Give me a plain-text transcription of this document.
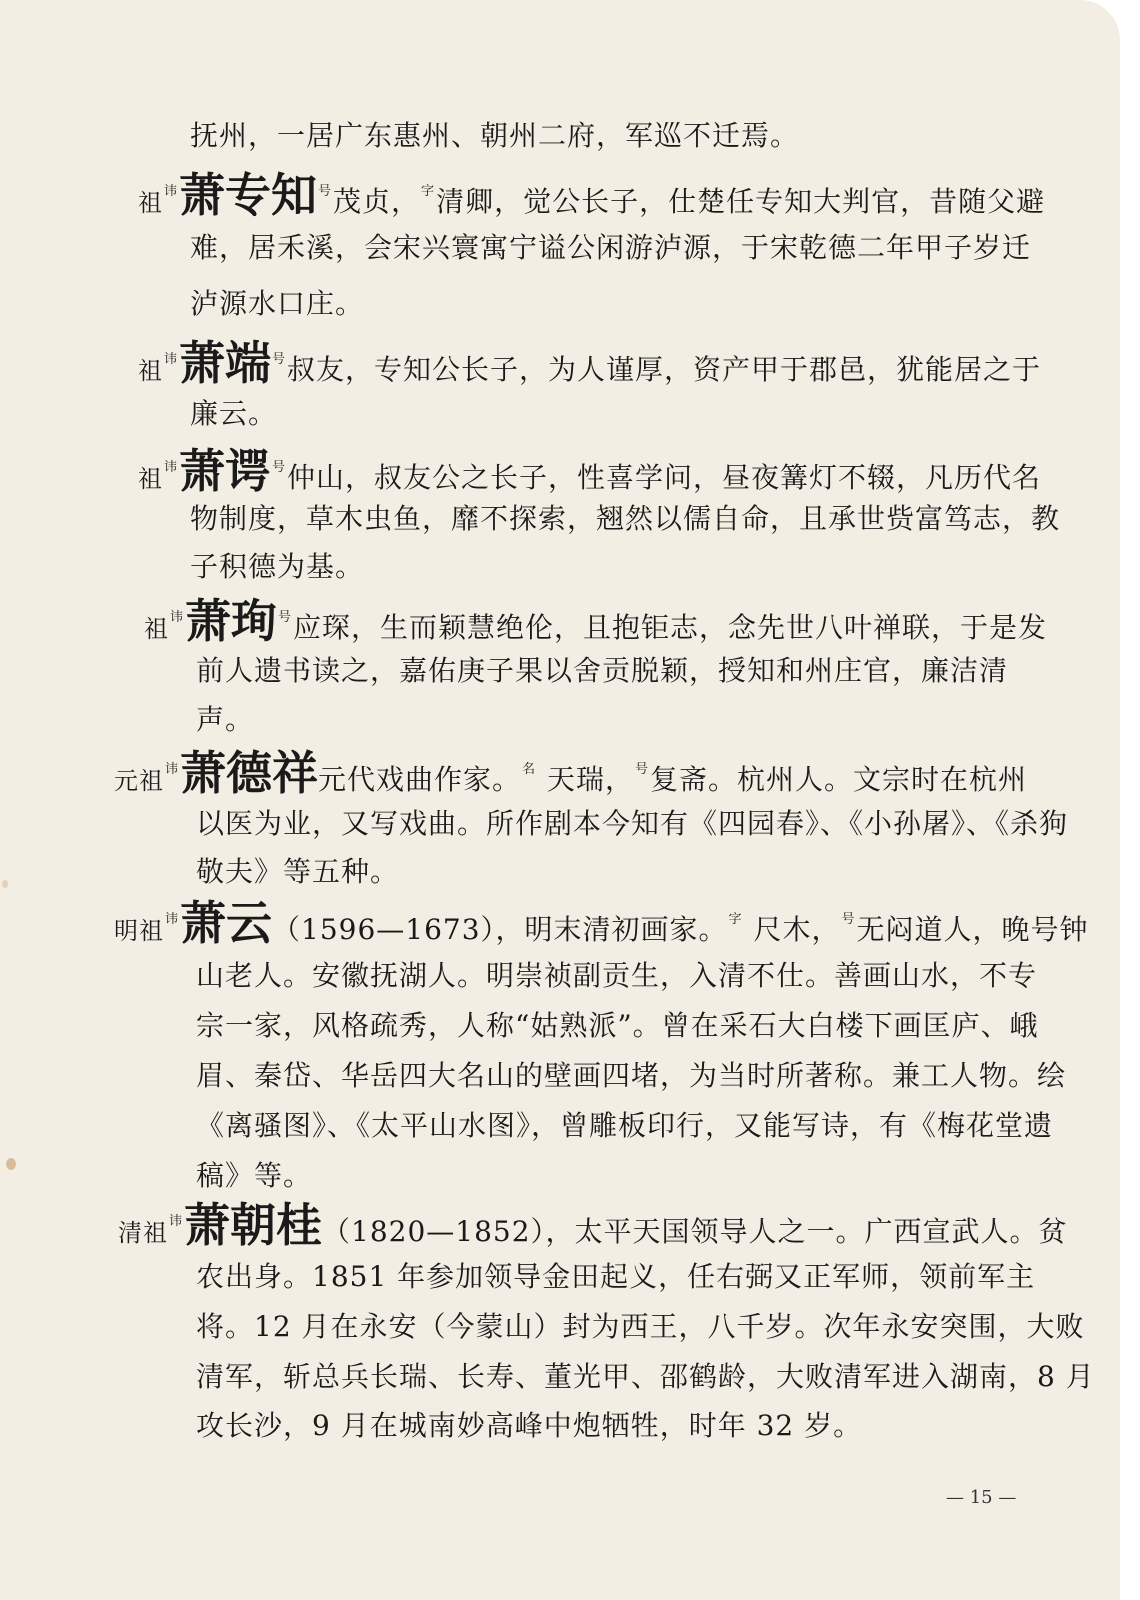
抚州，一居广东惠州、朝州二府，军巡不迁焉。
祖$^讳$萧专知$^号$茂贞，$^字$清卿，觉公长子，仕楚任专知大判官，昔随父避
难，居禾溪，会宋兴寰寓宁谥公闲游泸源，于宋乾德二年甲子岁迁
泸源水口庄。
祖$^讳$萧端$^号$叔友，专知公长子，为人谨厚，资产甲于郡邑，犹能居之于
廉云。
祖$^讳$萧谔$^号$仲山，叔友公之长子，性喜学问，昼夜篝灯不辍，凡历代名
物制度，草木虫鱼，靡不探索，翘然以儒自命，且承世赀富笃志，教
子积德为基。
祖$^讳$萧珣$^号$应琛，生而颖慧绝伦，且抱钜志，念先世八叶禅联，于是发
前人遗书读之，嘉佑庚子果以舍贡脱颖，授知和州庄官，廉洁清
声。
元祖$^讳$萧德祥元代戏曲作家。$^名$ 天瑞，$^号$复斋。杭州人。文宗时在杭州
以医为业，又写戏曲。所作剧本今知有《四园春》、《小孙屠》、《杀狗
敬夫》等五种。
明祖$^讳$萧云（1596—1673），明末清初画家。$^字$ 尺木，$^号$无闷道人，晚号钟
山老人。安徽抚湖人。明崇祯副贡生，入清不仕。善画山水，不专
宗一家，风格疏秀，人称“姑熟派”。曾在采石大白楼下画匡庐、峨
眉、秦岱、华岳四大名山的壁画四堵，为当时所著称。兼工人物。绘
《离骚图》、《太平山水图》，曾雕板印行，又能写诗，有《梅花堂遗
稿》等。
清祖$^讳$萧朝桂（1820—1852），太平天国领导人之一。广西宣武人。贫
农出身。1851 年参加领导金田起义，任右弼又正军师，领前军主
将。12 月在永安（今蒙山）封为西王，八千岁。次年永安突围，大败
清军，斩总兵长瑞、长寿、董光甲、邵鹤龄，大败清军进入湖南，8 月
攻长沙，9 月在城南妙高峰中炮牺牲，时年 32 岁。
— 15 —
